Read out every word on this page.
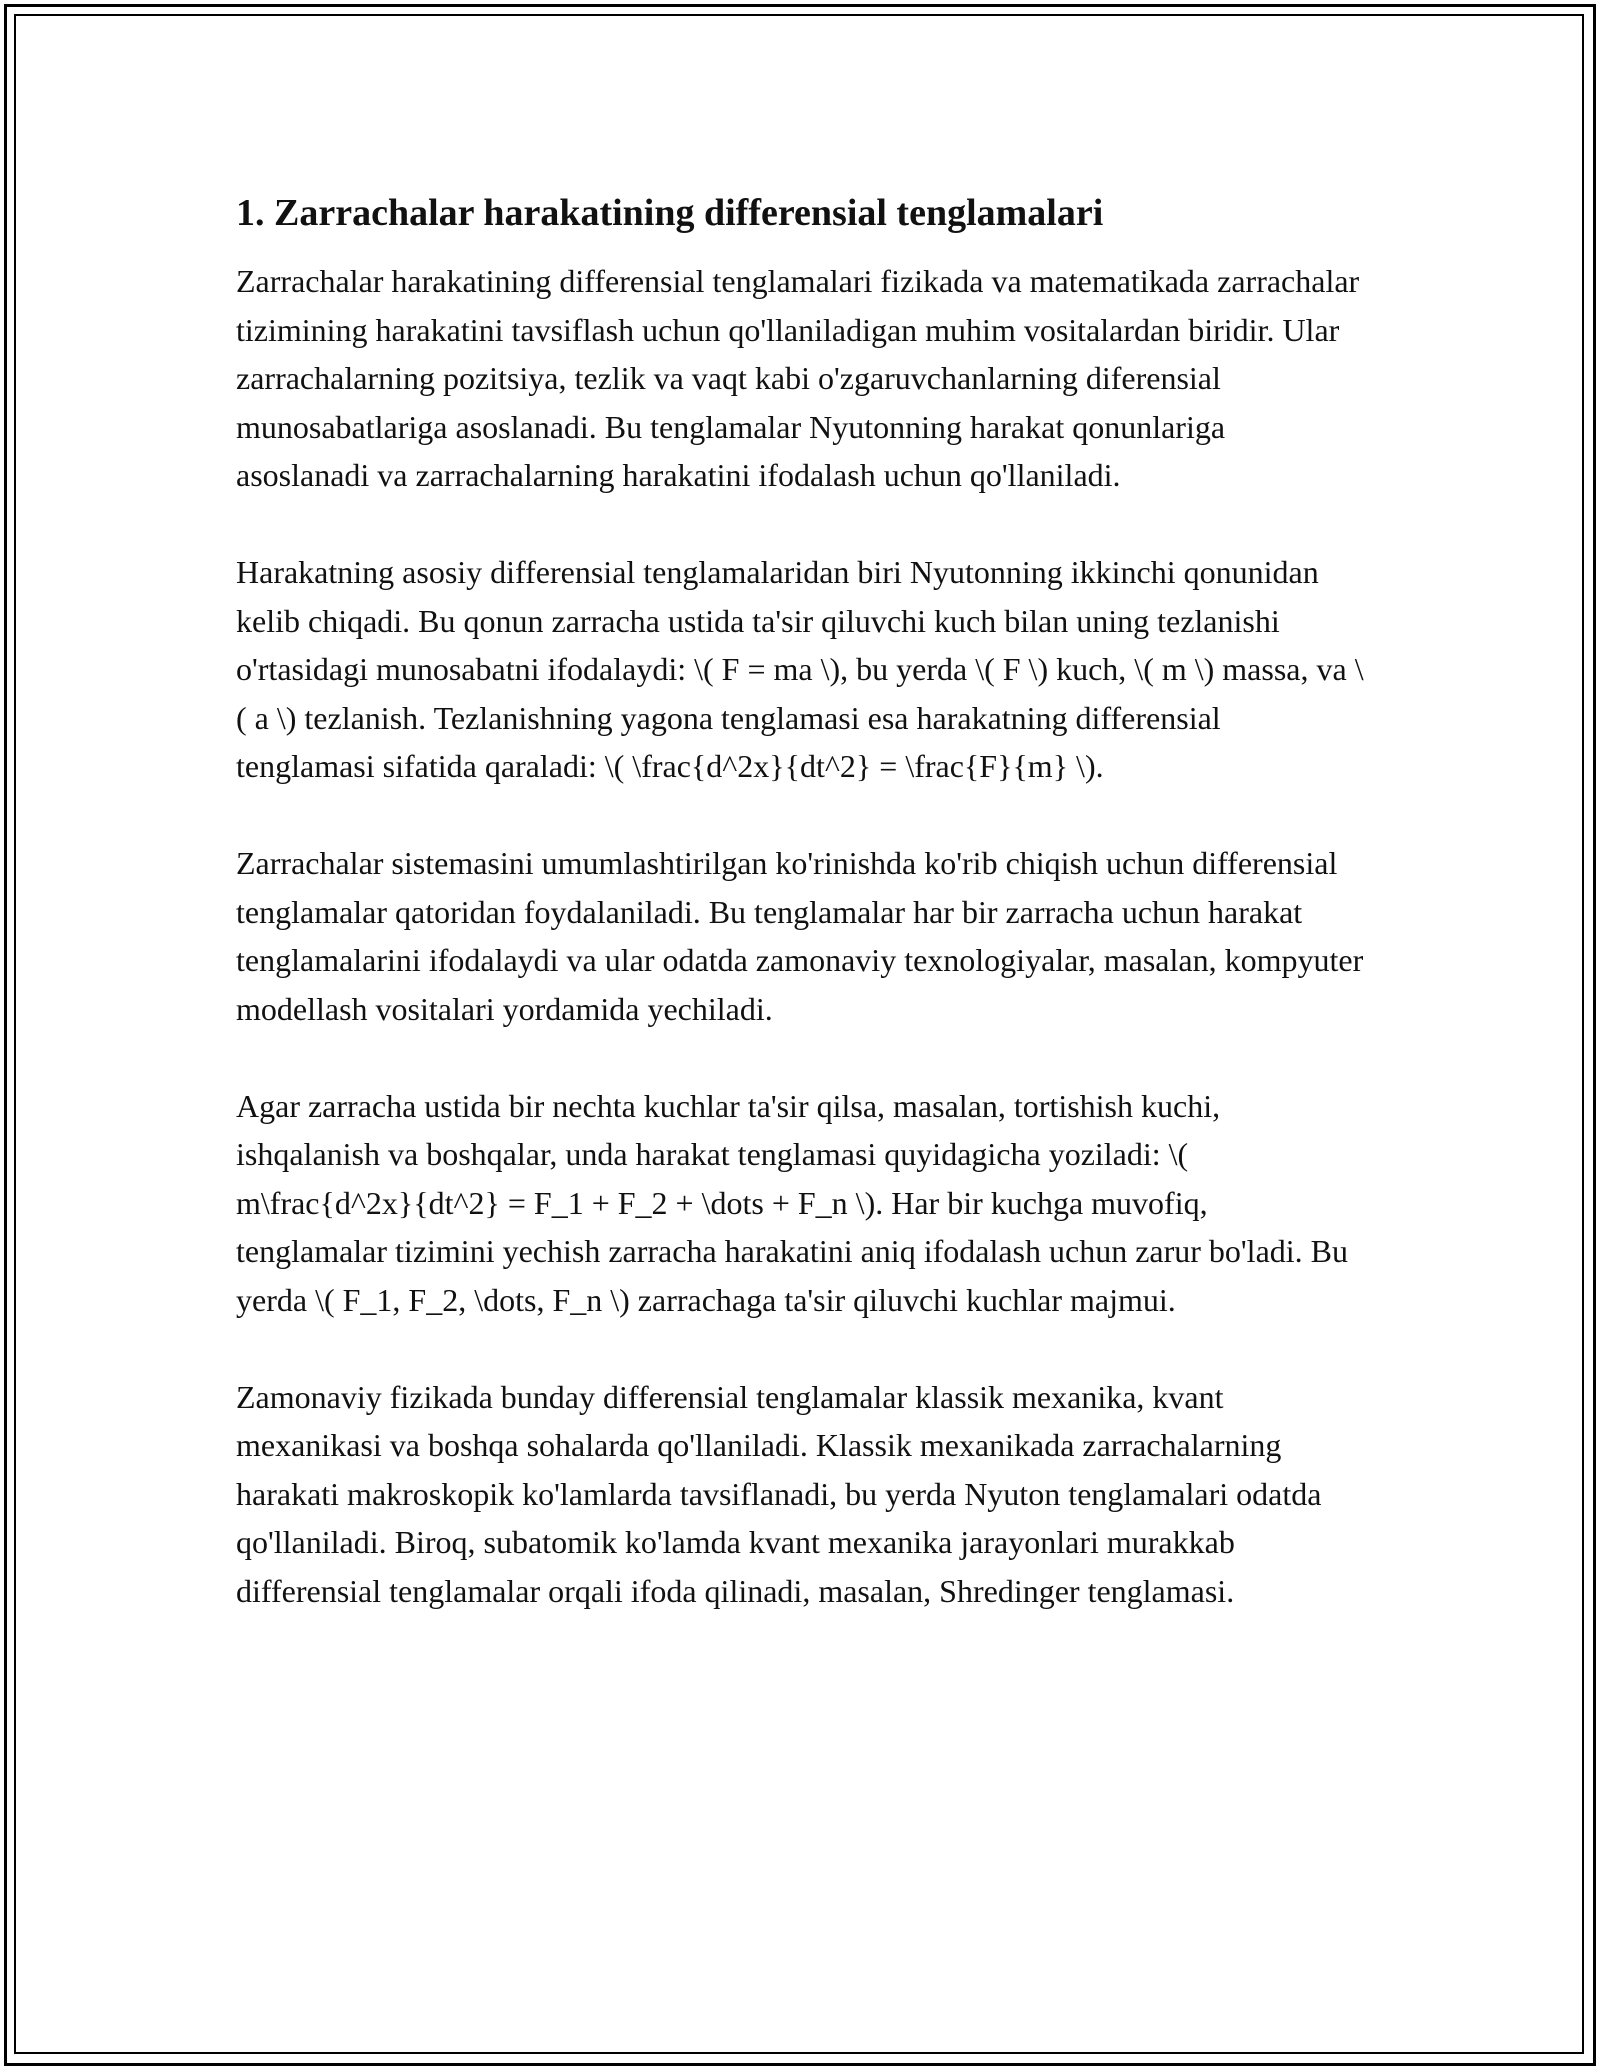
1. Zarrachalar harakatining differensial tenglamalari

Zarrachalar harakatining differensial tenglamalari fizikada va matematikada zarrachalar tizimining harakatini tavsiflash uchun qo'llaniladigan muhim vositalardan biridir. Ular zarrachalarning pozitsiya, tezlik va vaqt kabi o'zgaruvchanlarning diferensial munosabatlariga asoslanadi. Bu tenglamalar Nyutonning harakat qonunlariga asoslanadi va zarrachalarning harakatini ifodalash uchun qo'llaniladi.

Harakatning asosiy differensial tenglamalaridan biri Nyutonning ikkinchi qonunidan kelib chiqadi. Bu qonun zarracha ustida ta'sir qiluvchi kuch bilan uning tezlanishi o'rtasidagi munosabatni ifodalaydi: \( F = ma \), bu yerda \( F \) kuch, \( m \) massa, va \( a \) tezlanish. Tezlanishning yagona tenglamasi esa harakatning differensial tenglamasi sifatida qaraladi: \( \frac{d^2x}{dt^2} = \frac{F}{m} \).

Zarrachalar sistemasini umumlashtirilgan ko'rinishda ko'rib chiqish uchun differensial tenglamalar qatoridan foydalaniladi. Bu tenglamalar har bir zarracha uchun harakat tenglamalarini ifodalaydi va ular odatda zamonaviy texnologiyalar, masalan, kompyuter modellash vositalari yordamida yechiladi.

Agar zarracha ustida bir nechta kuchlar ta'sir qilsa, masalan, tortishish kuchi, ishqalanish va boshqalar, unda harakat tenglamasi quyidagicha yoziladi: \( m\frac{d^2x}{dt^2} = F_1 + F_2 + \dots + F_n \). Har bir kuchga muvofiq, tenglamalar tizimini yechish zarracha harakatini aniq ifodalash uchun zarur bo'ladi. Bu yerda \( F_1, F_2, \dots, F_n \) zarrachaga ta'sir qiluvchi kuchlar majmui.

Zamonaviy fizikada bunday differensial tenglamalar klassik mexanika, kvant mexanikasi va boshqa sohalarda qo'llaniladi. Klassik mexanikada zarrachalarning harakati makroskopik ko'lamlarda tavsiflanadi, bu yerda Nyuton tenglamalari odatda qo'llaniladi. Biroq, subatomik ko'lamda kvant mexanika jarayonlari murakkab differensial tenglamalar orqali ifoda qilinadi, masalan, Shredinger tenglamasi.
